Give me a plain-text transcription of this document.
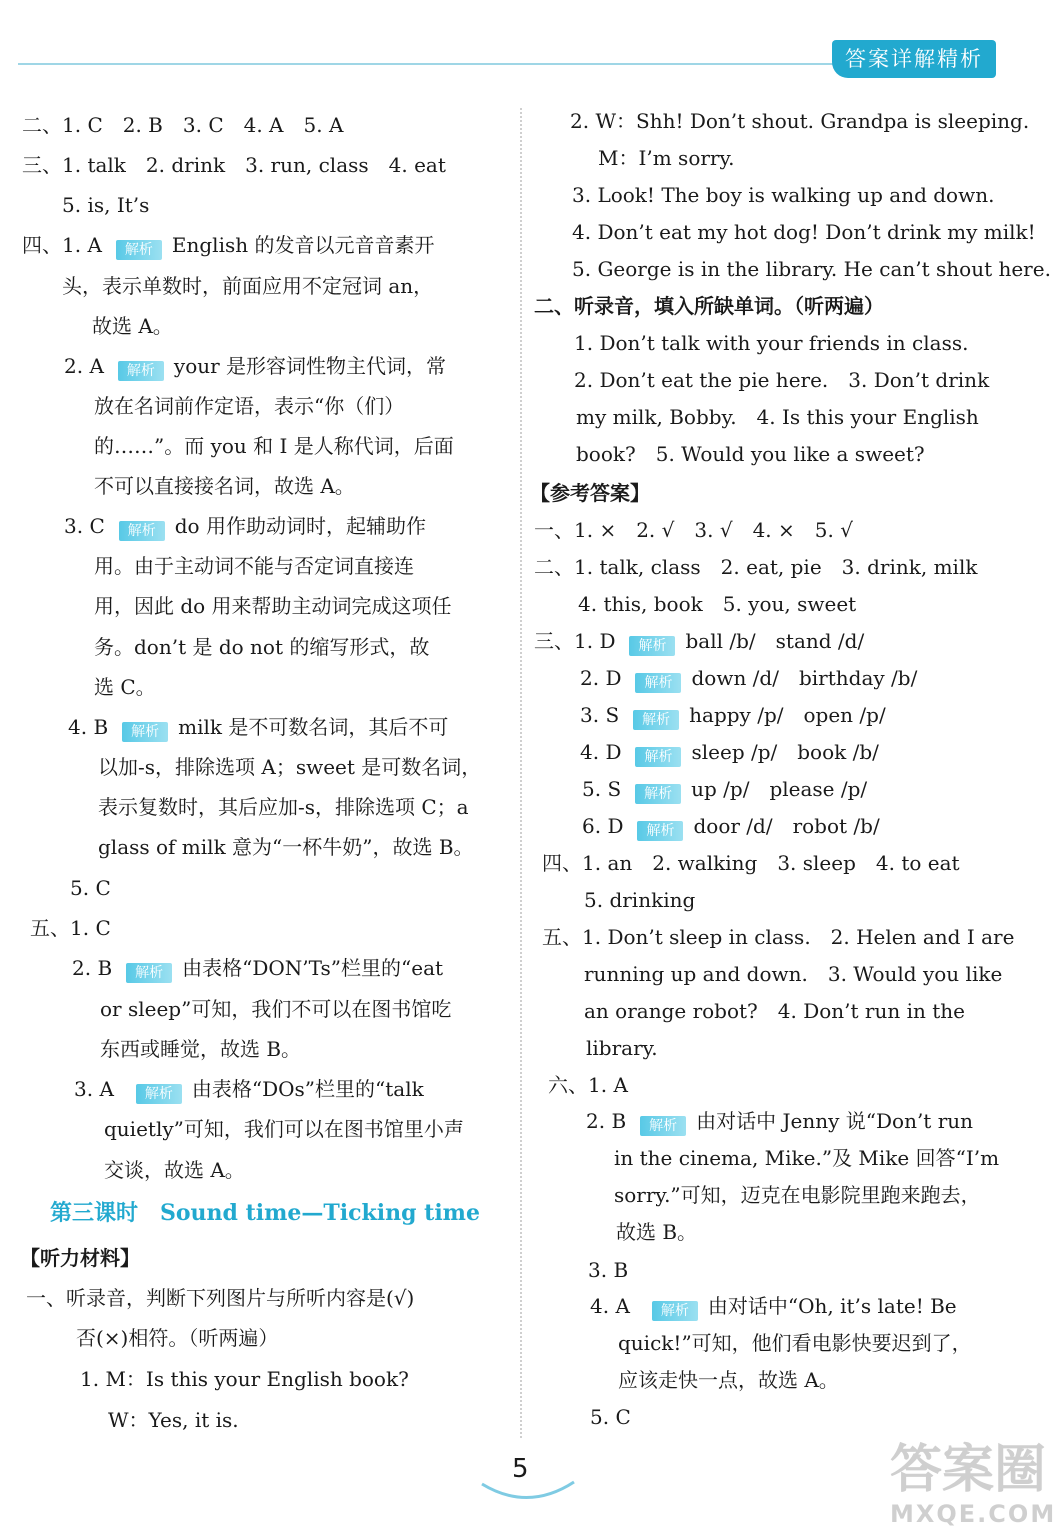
答案详解精析
二、1. C　2. B　3. C　4. A　5. A
三、1. talk　2. drink　3. run, class　4. eat
5. is, It’s
四、1. A 解析 English 的发音以元音音素开
头，表示单数时，前面应用不定冠词 an，
故选 A。
2. A 解析 your 是形容词性物主代词，常
放在名词前作定语，表示“你（们）
的……”。而 you 和 I 是人称代词，后面
不可以直接接名词，故选 A。
3. C 解析 do 用作助动词时，起辅助作
用。由于主动词不能与否定词直接连
用，因此 do 用来帮助主动词完成这项任
务。don’t 是 do not 的缩写形式，故
选 C。
4. B 解析 milk 是不可数名词，其后不可
以加-s，排除选项 A；sweet 是可数名词，
表示复数时，其后应加-s，排除选项 C；a
glass of milk 意为“一杯牛奶”，故选 B。
5. C
五、1. C
2. B 解析 由表格“DON’Ts”栏里的“eat
or sleep”可知，我们不可以在图书馆吃
东西或睡觉，故选 B。
3. A 解析 由表格“DOs”栏里的“talk
quietly”可知，我们可以在图书馆里小声
交谈，故选 A。
第三课时　Sound time—Ticking time
【听力材料】
一、听录音，判断下列图片与所听内容是(√)
否(×)相符。（听两遍）
1. M：Is this your English book?
W：Yes, it is.
2. W：Shh! Don’t shout. Grandpa is sleeping.
M：I’m sorry.
3. Look! The boy is walking up and down.
4. Don’t eat my hot dog! Don’t drink my milk!
5. George is in the library. He can’t shout here.
二、听录音，填入所缺单词。（听两遍）
1. Don’t talk with your friends in class.
2. Don’t eat the pie here.　3. Don’t drink
my milk, Bobby.　4. Is this your English
book?　5. Would you like a sweet?
【参考答案】
一、1. ×　2. √　3. √　4. ×　5. √
二、1. talk, class　2. eat, pie　3. drink, milk
4. this, book　5. you, sweet
三、1. D 解析 ball /b/　stand /d/
2. D 解析 down /d/　birthday /b/
3. S 解析 happy /p/　open /p/
4. D 解析 sleep /p/　book /b/
5. S 解析 up /p/　please /p/
6. D 解析 door /d/　robot /b/
四、1. an　2. walking　3. sleep　4. to eat
5. drinking
五、1. Don’t sleep in class.　2. Helen and I are
running up and down.　3. Would you like
an orange robot?　4. Don’t run in the
library.
六、1. A
2. B 解析 由对话中 Jenny 说“Don’t run
in the cinema, Mike.”及 Mike 回答“I’m
sorry.”可知，迈克在电影院里跑来跑去，
故选 B。
3. B
4. A 解析 由对话中“Oh, it’s late! Be
quick!”可知，他们看电影快要迟到了，
应该走快一点，故选 A。
5. C
5	答案圈
MXQE.COM
